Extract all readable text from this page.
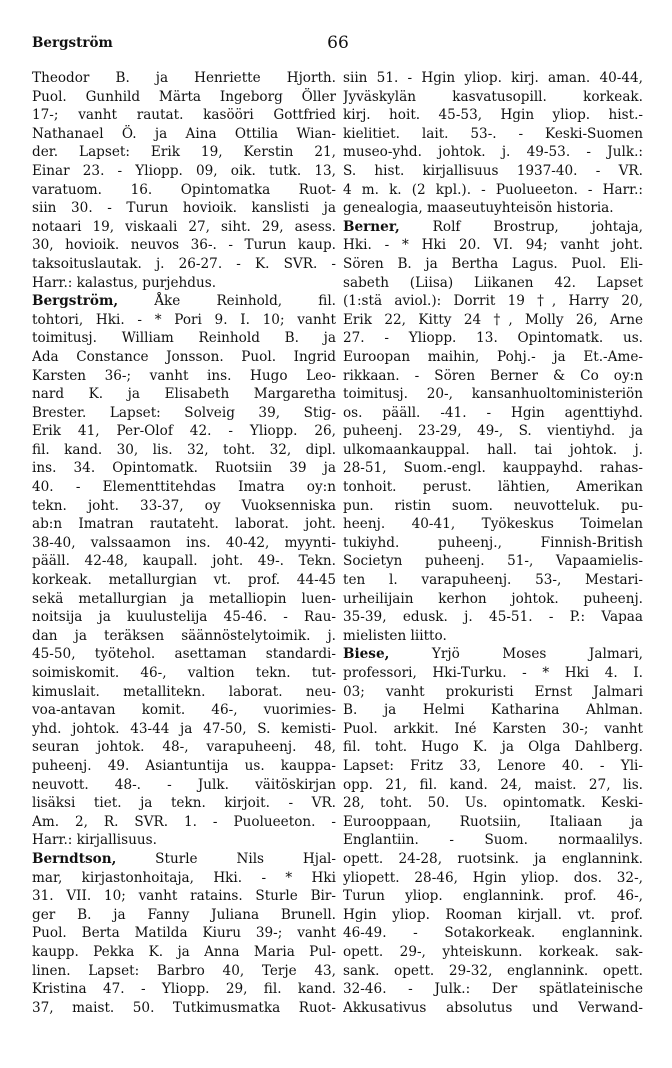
Bergström	66
Theodor B. ja Henriette Hjorth.
Puol. Gunhild Märta Ingeborg Öller
17-; vanht rautat. kasööri Gottfried
Nathanael Ö. ja Aina Ottilia Wian-
der. Lapset: Erik 19, Kerstin 21,
Einar 23. - Yliopp. 09, oik. tutk. 13,
varatuom. 16. Opintomatka Ruot-
siin 30. - Turun hovioik. kanslisti ja
notaari 19, viskaali 27, siht. 29, asess.
30, hovioik. neuvos 36-. - Turun kaup.
taksoituslautak. j. 26-27. - K. SVR. -
Harr.: kalastus, purjehdus.
Bergström, Åke Reinhold, fil.
tohtori, Hki. - * Pori 9. I. 10; vanht
toimitusj. William Reinhold B. ja
Ada Constance Jonsson. Puol. Ingrid
Karsten 36-; vanht ins. Hugo Leo-
nard K. ja Elisabeth Margaretha
Brester. Lapset: Solveig 39, Stig-
Erik 41, Per-Olof 42. - Yliopp. 26,
fil. kand. 30, lis. 32, toht. 32, dipl.
ins. 34. Opintomatk. Ruotsiin 39 ja
40. - Elementtitehdas Imatra oy:n
tekn. joht. 33-37, oy Vuoksenniska
ab:n Imatran rautateht. laborat. joht.
38-40, valssaamon ins. 40-42, myynti-
pääll. 42-48, kaupall. joht. 49-. Tekn.
korkeak. metallurgian vt. prof. 44-45
sekä metallurgian ja metalliopin luen-
noitsija ja kuulustelija 45-46. - Rau-
dan ja teräksen säännöstelytoimik. j.
45-50, työtehol. asettaman standardi-
soimiskomit. 46-, valtion tekn. tut-
kimuslait. metallitekn. laborat. neu-
voa-antavan komit. 46-, vuorimies-
yhd. johtok. 43-44 ja 47-50, S. kemisti-
seuran johtok. 48-, varapuheenj. 48,
puheenj. 49. Asiantuntija us. kauppa-
neuvott. 48-. - Julk. väitöskirjan
lisäksi tiet. ja tekn. kirjoit. - VR.
Am. 2, R. SVR. 1. - Puolueeton. -
Harr.: kirjallisuus.
Berndtson, Sturle Nils Hjal-
mar, kirjastonhoitaja, Hki. - * Hki
31. VII. 10; vanht ratains. Sturle Bir-
ger B. ja Fanny Juliana Brunell.
Puol. Berta Matilda Kiuru 39-; vanht
kaupp. Pekka K. ja Anna Maria Pul-
linen. Lapset: Barbro 40, Terje 43,
Kristina 47. - Yliopp. 29, fil. kand.
37, maist. 50. Tutkimusmatka Ruot-
siin 51. - Hgin yliop. kirj. aman. 40-44,
Jyväskylän kasvatusopill. korkeak.
kirj. hoit. 45-53, Hgin yliop. hist.-
kielitiet. lait. 53-. - Keski-Suomen
museo-yhd. johtok. j. 49-53. - Julk.:
S. hist. kirjallisuus 1937-40. - VR.
4 m. k. (2 kpl.). - Puolueeton. - Harr.:
genealogia, maaseutuyhteisön historia.
Berner, Rolf Brostrup, johtaja,
Hki. - * Hki 20. VI. 94; vanht joht.
Sören B. ja Bertha Lagus. Puol. Eli-
sabeth (Liisa) Liikanen 42. Lapset
(1:stä aviol.): Dorrit 19 †, Harry 20,
Erik 22, Kitty 24 †, Molly 26, Arne
27. - Yliopp. 13. Opintomatk. us.
Euroopan maihin, Pohj.- ja Et.-Ame-
rikkaan. - Sören Berner & Co oy:n
toimitusj. 20-, kansanhuoltoministeriön
os. pääll. -41. - Hgin agenttiyhd.
puheenj. 23-29, 49-, S. vientiyhd. ja
ulkomaankauppal. hall. tai johtok. j.
28-51, Suom.-engl. kauppayhd. rahas-
tonhoit. perust. lähtien, Amerikan
pun. ristin suom. neuvotteluk. pu-
heenj. 40-41, Työkeskus Toimelan
tukiyhd. puheenj., Finnish-British
Societyn puheenj. 51-, Vapaamielis-
ten l. varapuheenj. 53-, Mestari-
urheilijain kerhon johtok. puheenj.
35-39, edusk. j. 45-51. - P.: Vapaa
mielisten liitto.
Biese, Yrjö Moses Jalmari,
professori, Hki-Turku. - * Hki 4. I.
03; vanht prokuristi Ernst Jalmari
B. ja Helmi Katharina Ahlman.
Puol. arkkit. Iné Karsten 30-; vanht
fil. toht. Hugo K. ja Olga Dahlberg.
Lapset: Fritz 33, Lenore 40. - Yli-
opp. 21, fil. kand. 24, maist. 27, lis.
28, toht. 50. Us. opintomatk. Keski-
Eurooppaan, Ruotsiin, Italiaan ja
Englantiin. - Suom. normaalilys.
opett. 24-28, ruotsink. ja englannink.
yliopett. 28-46, Hgin yliop. dos. 32-,
Turun yliop. englannink. prof. 46-,
Hgin yliop. Rooman kirjall. vt. prof.
46-49. - Sotakorkeak. englannink.
opett. 29-, yhteiskunn. korkeak. sak-
sank. opett. 29-32, englannink. opett.
32-46. - Julk.: Der spätlateinische
Akkusativus absolutus und Verwand-
